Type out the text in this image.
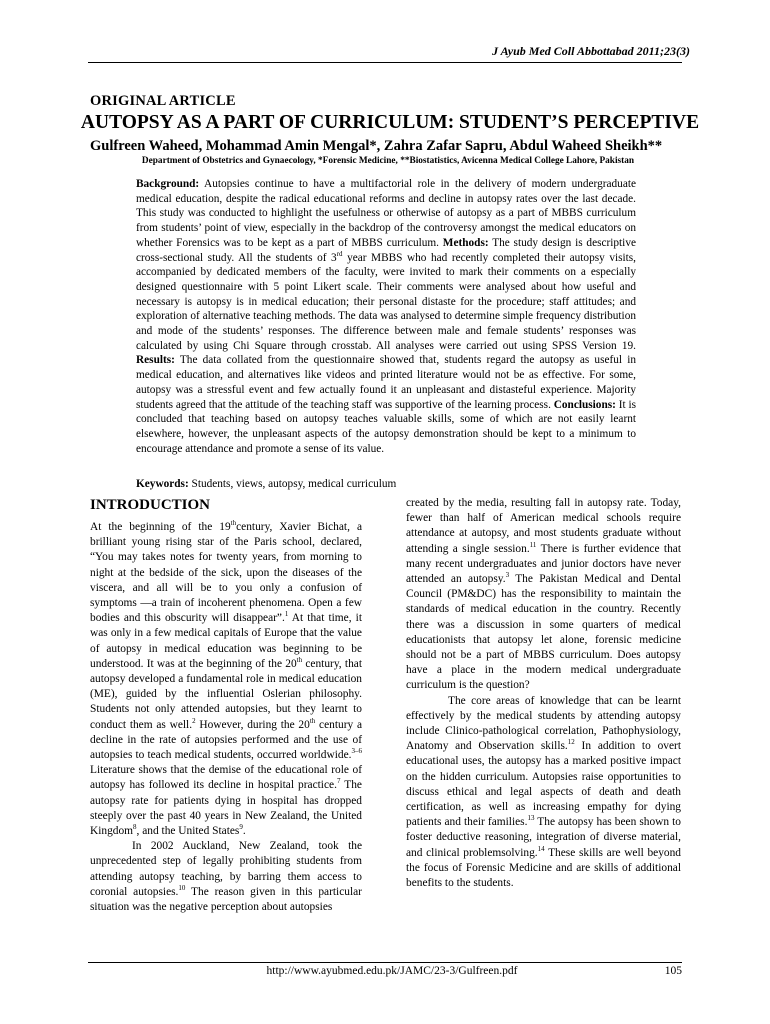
J Ayub Med Coll Abbottabad 2011;23(3)
ORIGINAL ARTICLE
AUTOPSY AS A PART OF CURRICULUM: STUDENT’S PERCEPTIVE
Gulfreen Waheed, Mohammad Amin Mengal*, Zahra Zafar Sapru, Abdul Waheed Sheikh**
Department of Obstetrics and Gynaecology, *Forensic Medicine, **Biostatistics, Avicenna Medical College Lahore, Pakistan

Background: Autopsies continue to have a multifactorial role in the delivery of modern undergraduate medical education, despite the radical educational reforms and decline in autopsy rates over the last decade. This study was conducted to highlight the usefulness or otherwise of autopsy as a part of MBBS curriculum from students’ point of view, especially in the backdrop of the controversy amongst the medical educators on whether Forensics was to be kept as a part of MBBS curriculum. Methods: The study design is descriptive cross-sectional study. All the students of 3rd year MBBS who had recently completed their autopsy visits, accompanied by dedicated members of the faculty, were invited to mark their comments on a especially designed questionnaire with 5 point Likert scale. Their comments were analysed about how useful and necessary is autopsy is in medical education; their personal distaste for the procedure; staff attitudes; and exploration of alternative teaching methods. The data was analysed to determine simple frequency distribution and mode of the students’ responses. The difference between male and female students’ responses was calculated by using Chi Square through crosstab. All analyses were carried out using SPSS Version 19. Results: The data collated from the questionnaire showed that, students regard the autopsy as useful in medical education, and alternatives like videos and printed literature would not be as effective. For some, autopsy was a stressful event and few actually found it an unpleasant and distasteful experience. Majority students agreed that the attitude of the teaching staff was supportive of the learning process. Conclusions: It is concluded that teaching based on autopsy teaches valuable skills, some of which are not easily learnt elsewhere, however, the unpleasant aspects of the autopsy demonstration should be kept to a minimum to encourage attendance and promote a sense of its value.

Keywords: Students, views, autopsy, medical curriculum

INTRODUCTION

At the beginning of the 19thcentury, Xavier Bichat, a brilliant young rising star of the Paris school, declared, “You may takes notes for twenty years, from morning to night at the bedside of the sick, upon the diseases of the viscera, and all will be to you only a confusion of symptoms —a train of incoherent phenomena. Open a few bodies and this obscurity will disappear”.$^1$ At that time, it was only in a few medical capitals of Europe that the value of autopsy in medical education was beginning to be understood. It was at the beginning of the 20th century, that autopsy developed a fundamental role in medical education (ME), guided by the influential Oslerian philosophy. Students not only attended autopsies, but they learnt to conduct them as well.$^2$ However, during the 20th century a decline in the rate of autopsies performed and the use of autopsies to teach medical students, occurred worldwide.$^{3-6}$ Literature shows that the demise of the educational role of autopsy has followed its decline in hospital practice.$^7$ The autopsy rate for patients dying in hospital has dropped steeply over the past 40 years in New Zealand, the United Kingdom$^8$, and the United States$^9$.

In 2002 Auckland, New Zealand, took the unprecedented step of legally prohibiting students from attending autopsy teaching, by barring them access to coronial autopsies.$^{10}$ The reason given in this particular situation was the negative perception about autopsies

created by the media, resulting fall in autopsy rate. Today, fewer than half of American medical schools require attendance at autopsy, and most students graduate without attending a single session.$^{11}$ There is further evidence that many recent undergraduates and junior doctors have never attended an autopsy.$^3$ The Pakistan Medical and Dental Council (PM&DC) has the responsibility to maintain the standards of medical education in the country. Recently there was a discussion in some quarters of medical educationists that autopsy let alone, forensic medicine should not be a part of MBBS curriculum. Does autopsy have a place in the modern medical undergraduate curriculum is the question?

The core areas of knowledge that can be learnt effectively by the medical students by attending autopsy include Clinico-pathological correlation, Pathophysiology, Anatomy and Observation skills.$^{12}$ In addition to overt educational uses, the autopsy has a marked positive impact on the hidden curriculum. Autopsies raise opportunities to discuss ethical and legal aspects of death and death certification, as well as increasing empathy for dying patients and their families.$^{13}$ The autopsy has been shown to foster deductive reasoning, integration of diverse material, and clinical problemsolving.$^{14}$ These skills are well beyond the focus of Forensic Medicine and are skills of additional benefits to the students.

http://www.ayubmed.edu.pk/JAMC/23-3/Gulfreen.pdf	105
